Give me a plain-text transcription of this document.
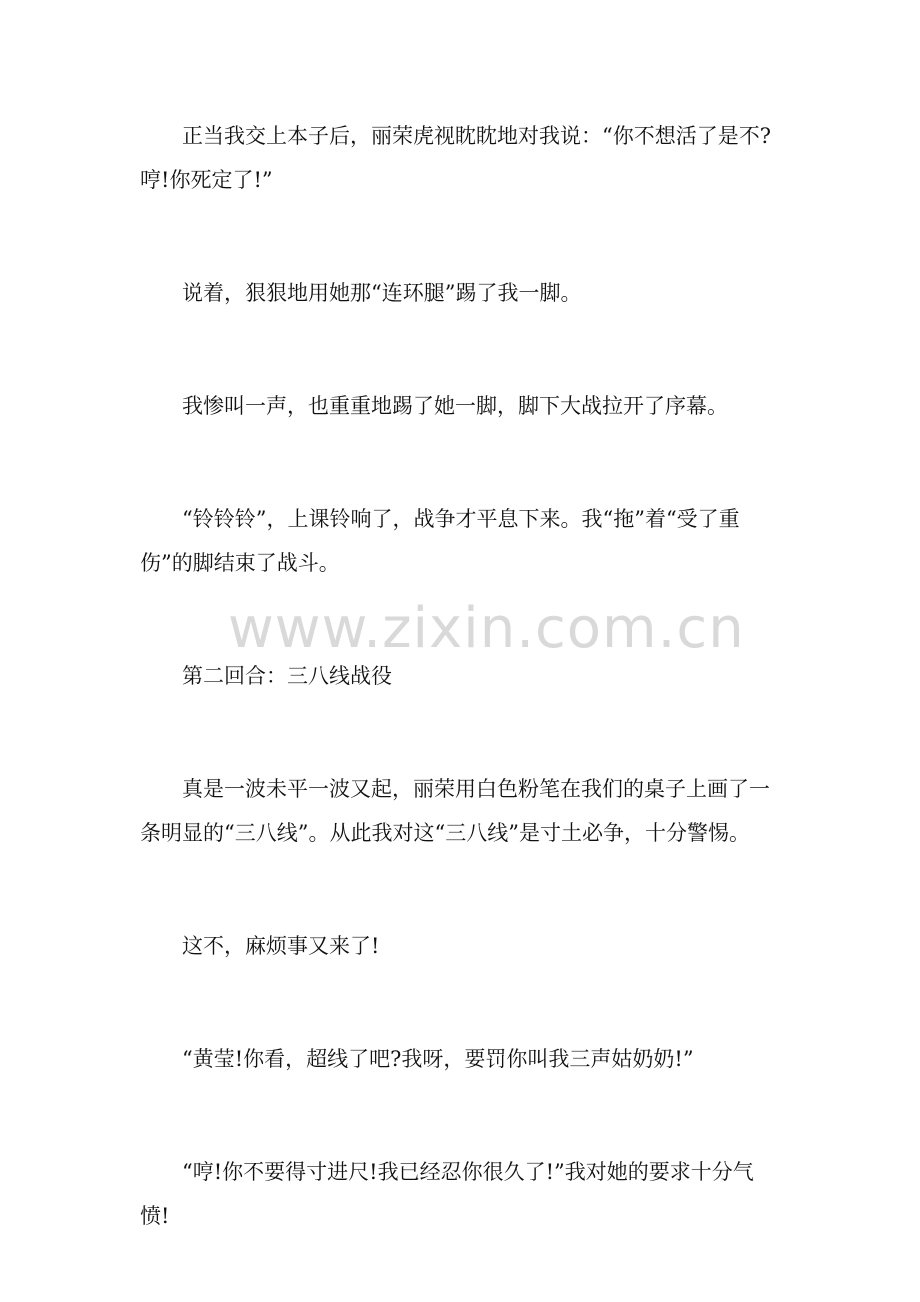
正当我交上本子后，丽荣虎视眈眈地对我说：“你不想活了是不?哼!你死定了!”

说着，狠狠地用她那“连环腿”踢了我一脚。

我惨叫一声，也重重地踢了她一脚，脚下大战拉开了序幕。

“铃铃铃”，上课铃响了，战争才平息下来。我“拖”着“受了重伤”的脚结束了战斗。

第二回合：三八线战役

真是一波未平一波又起，丽荣用白色粉笔在我们的桌子上画了一条明显的“三八线”。从此我对这“三八线”是寸土必争，十分警惕。

这不，麻烦事又来了!

“黄莹!你看，超线了吧?我呀，要罚你叫我三声姑奶奶!”

“哼!你不要得寸进尺!我已经忍你很久了!”我对她的要求十分气愤!

www.zixin.com.cn
